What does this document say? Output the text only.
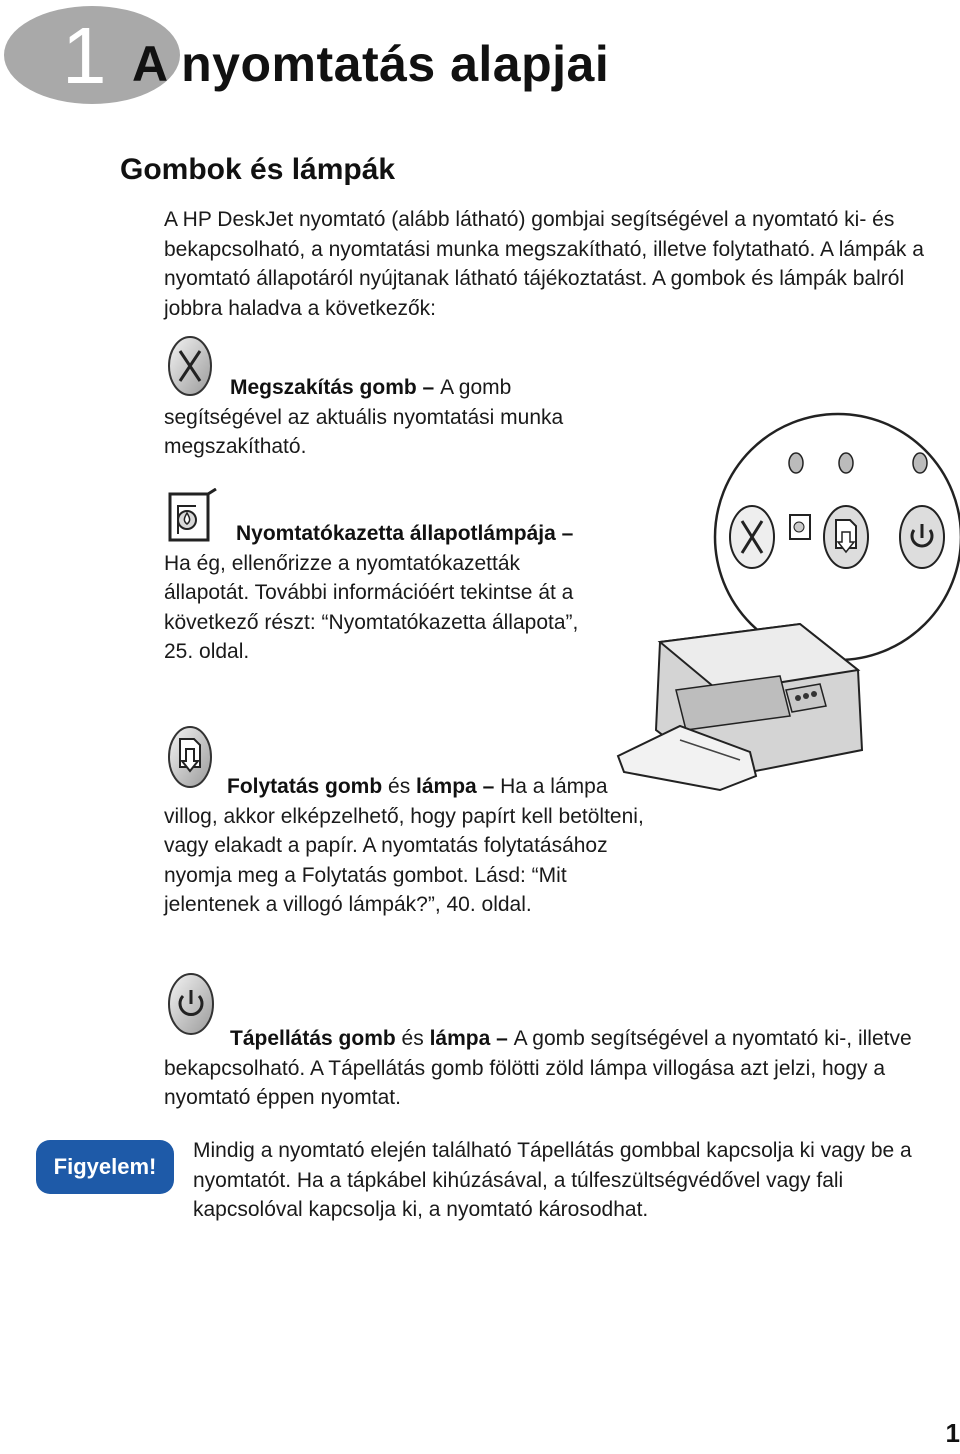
1 A nyomtatás alapjai
Gombok és lámpák

A HP DeskJet nyomtató (alább látható) gombjai segítségével a nyomtató ki- és bekapcsolható, a nyomtatási munka megszakítható, illetve folytatható. A lámpák a nyomtató állapotáról nyújtanak látható tájékoztatást. A gombok és lámpák balról jobbra haladva a következők:

Megszakítás gomb – A gomb segítségével az aktuális nyomtatási munka megszakítható.

Nyomtatókazetta állapotlámpája – Ha ég, ellenőrizze a nyomtatókazetták állapotát. További információért tekintse át a következő részt: “Nyomtatókazetta állapota”, 25. oldal.

Folytatás gomb és lámpa – Ha a lámpa villog, akkor elképzelhető, hogy papírt kell betölteni, vagy elakadt a papír. A nyomtatás folytatásához nyomja meg a Folytatás gombot. Lásd: “Mit jelentenek a villogó lámpák?”, 40. oldal.

Tápellátás gomb és lámpa – A gomb segítségével a nyomtató ki-, illetve bekapcsolható. A Tápellátás gomb fölötti zöld lámpa villogása azt jelzi, hogy a nyomtató éppen nyomtat.

Figyelem!

Mindig a nyomtató elején található Tápellátás gombbal kapcsolja ki vagy be a nyomtatót. Ha a tápkábel kihúzásával, a túlfeszültségvédővel vagy fali kapcsolóval kapcsolja ki, a nyomtató károsodhat.

1
